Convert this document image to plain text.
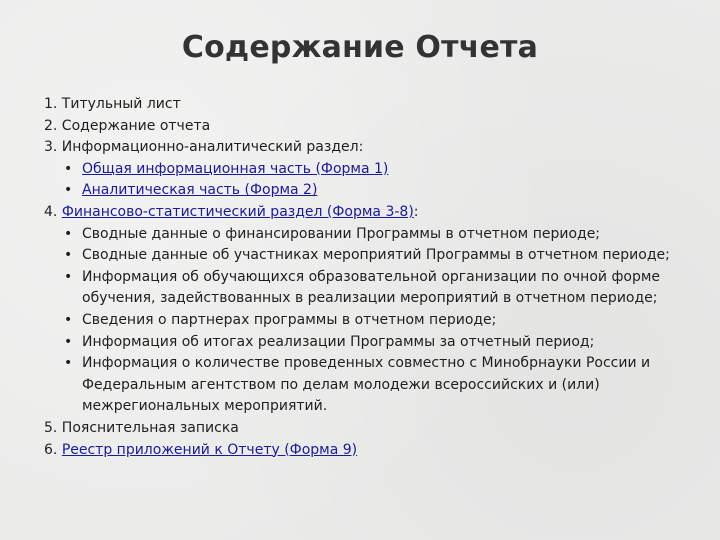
Содержание Отчета
1. Титульный лист
2. Содержание отчета
3. Информационно-аналитический раздел:
• Общая информационная часть (Форма 1)
• Аналитическая часть (Форма 2)
4. Финансово-статистический раздел (Форма 3-8):
• Сводные данные о финансировании Программы в отчетном периоде;
• Сводные данные об участниках мероприятий Программы в отчетном периоде;
• Информация об обучающихся образовательной организации по очной форме обучения, задействованных в реализации мероприятий в отчетном периоде;
• Сведения о партнерах программы в отчетном периоде;
• Информация об итогах реализации Программы за отчетный период;
• Информация о количестве проведенных совместно с Минобрнауки России и Федеральным агентством по делам молодежи всероссийских и (или) межрегиональных мероприятий.
5. Пояснительная записка
6. Реестр приложений к Отчету (Форма 9)
